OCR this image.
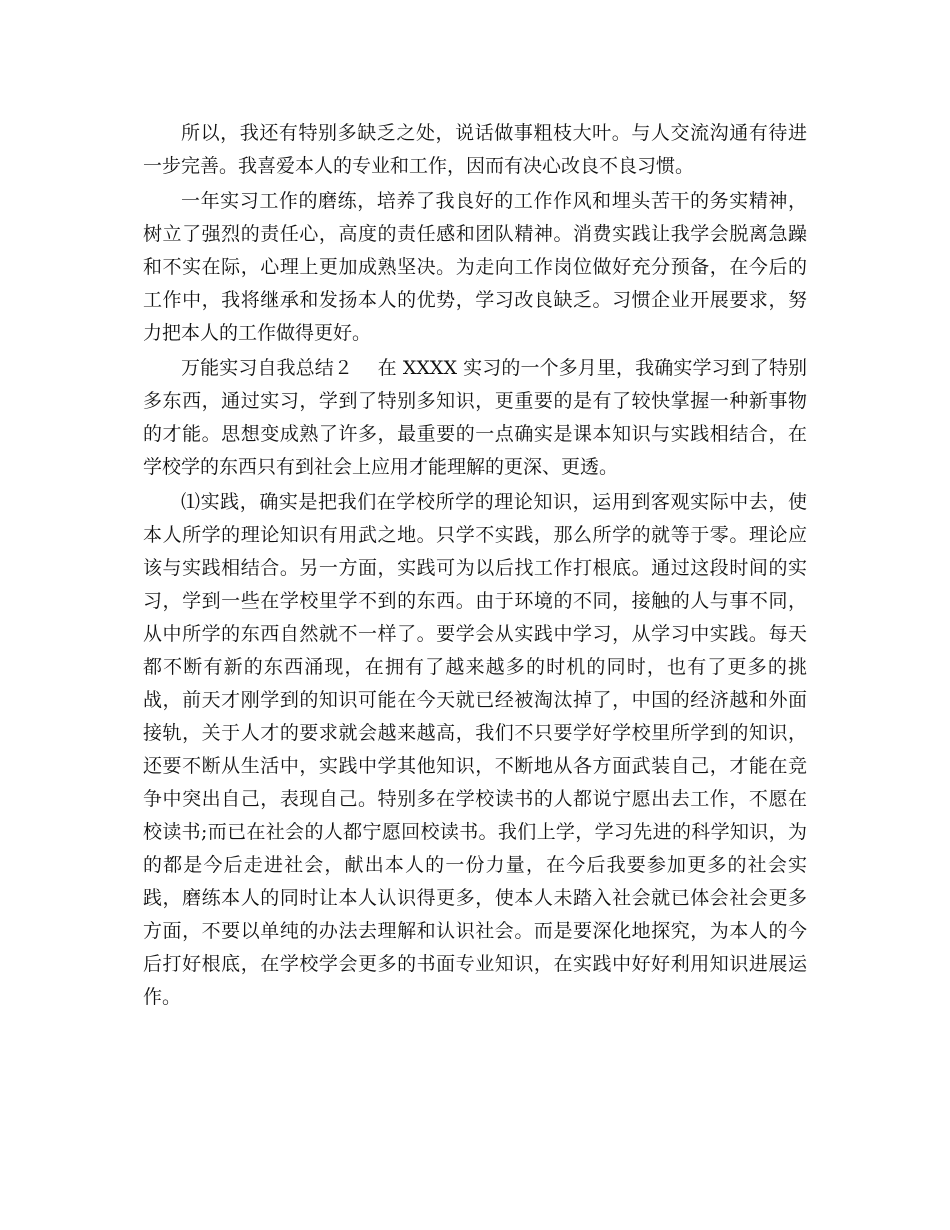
所以，我还有特别多缺乏之处，说话做事粗枝大叶。与人交流沟通有待进一步完善。我喜爱本人的专业和工作，因而有决心改良不良习惯。

一年实习工作的磨练，培养了我良好的工作作风和埋头苦干的务实精神，树立了强烈的责任心，高度的责任感和团队精神。消费实践让我学会脱离急躁和不实在际，心理上更加成熟坚决。为走向工作岗位做好充分预备，在今后的工作中，我将继承和发扬本人的优势，学习改良缺乏。习惯企业开展要求，努力把本人的工作做得更好。

万能实习自我总结２ 在 XXXX 实习的一个多月里，我确实学习到了特别多东西，通过实习，学到了特别多知识，更重要的是有了较快掌握一种新事物的才能。思想变成熟了许多，最重要的一点确实是课本知识与实践相结合，在学校学的东西只有到社会上应用才能理解的更深、更透。

⑴实践，确实是把我们在学校所学的理论知识，运用到客观实际中去，使本人所学的理论知识有用武之地。只学不实践，那么所学的就等于零。理论应该与实践相结合。另一方面，实践可为以后找工作打根底。通过这段时间的实习，学到一些在学校里学不到的东西。由于环境的不同，接触的人与事不同，从中所学的东西自然就不一样了。要学会从实践中学习，从学习中实践。每天都不断有新的东西涌现，在拥有了越来越多的时机的同时，也有了更多的挑战，前天才刚学到的知识可能在今天就已经被淘汰掉了，中国的经济越和外面接轨，关于人才的要求就会越来越高，我们不只要学好学校里所学到的知识，还要不断从生活中，实践中学其他知识，不断地从各方面武装自己，才能在竞争中突出自己，表现自己。特别多在学校读书的人都说宁愿出去工作，不愿在校读书;而已在社会的人都宁愿回校读书。我们上学，学习先进的科学知识，为的都是今后走进社会，献出本人的一份力量，在今后我要参加更多的社会实践，磨练本人的同时让本人认识得更多，使本人未踏入社会就已体会社会更多方面，不要以单纯的办法去理解和认识社会。而是要深化地探究，为本人的今后打好根底，在学校学会更多的书面专业知识，在实践中好好利用知识进展运作。
